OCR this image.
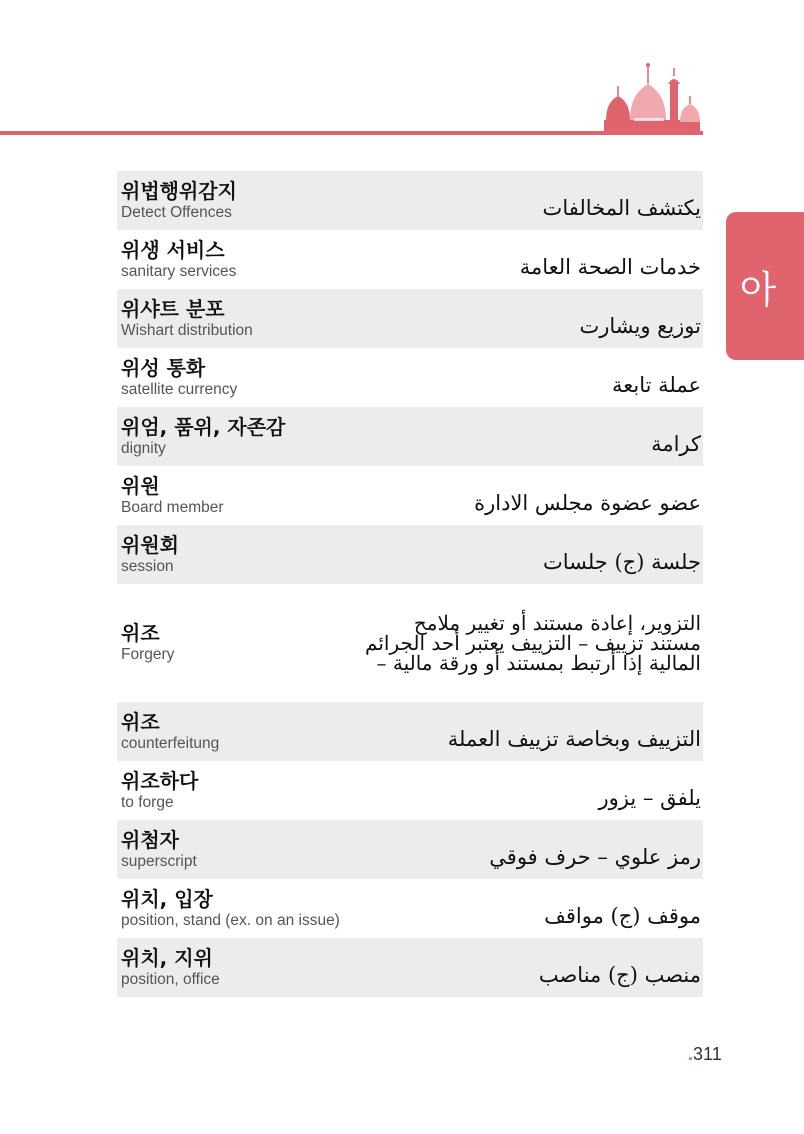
아
위법행위감지
Detect Offences	يكتشف المخالفات
위생 서비스
sanitary services	خدمات الصحة العامة
위샤트 분포
Wishart distribution	توزيع ويشارت
위성 통화
satellite currency	عملة تابعة
위엄, 품위, 자존감
dignity	كرامة
위원
Board member	عضو عضوة مجلس الادارة
위원회
session	جلسة (ج) جلسات
위조
Forgery
التزوير، إعادة مستند أو تغيير ملامح مستند تزييف – التزييف يعتبر أحد الجرائم المالية إذا أرتبط بمستند أو ورقة مالية –
위조
counterfeitung	التزييف وبخاصة تزييف العملة
위조하다
to forge	يلفق – يزور
위첨자
superscript	رمز علوي – حرف فوقي
위치, 입장
position, stand (ex. on an issue)	موقف (ج) مواقف
위치, 지위
position, office	منصب (ج) مناصب
.311
